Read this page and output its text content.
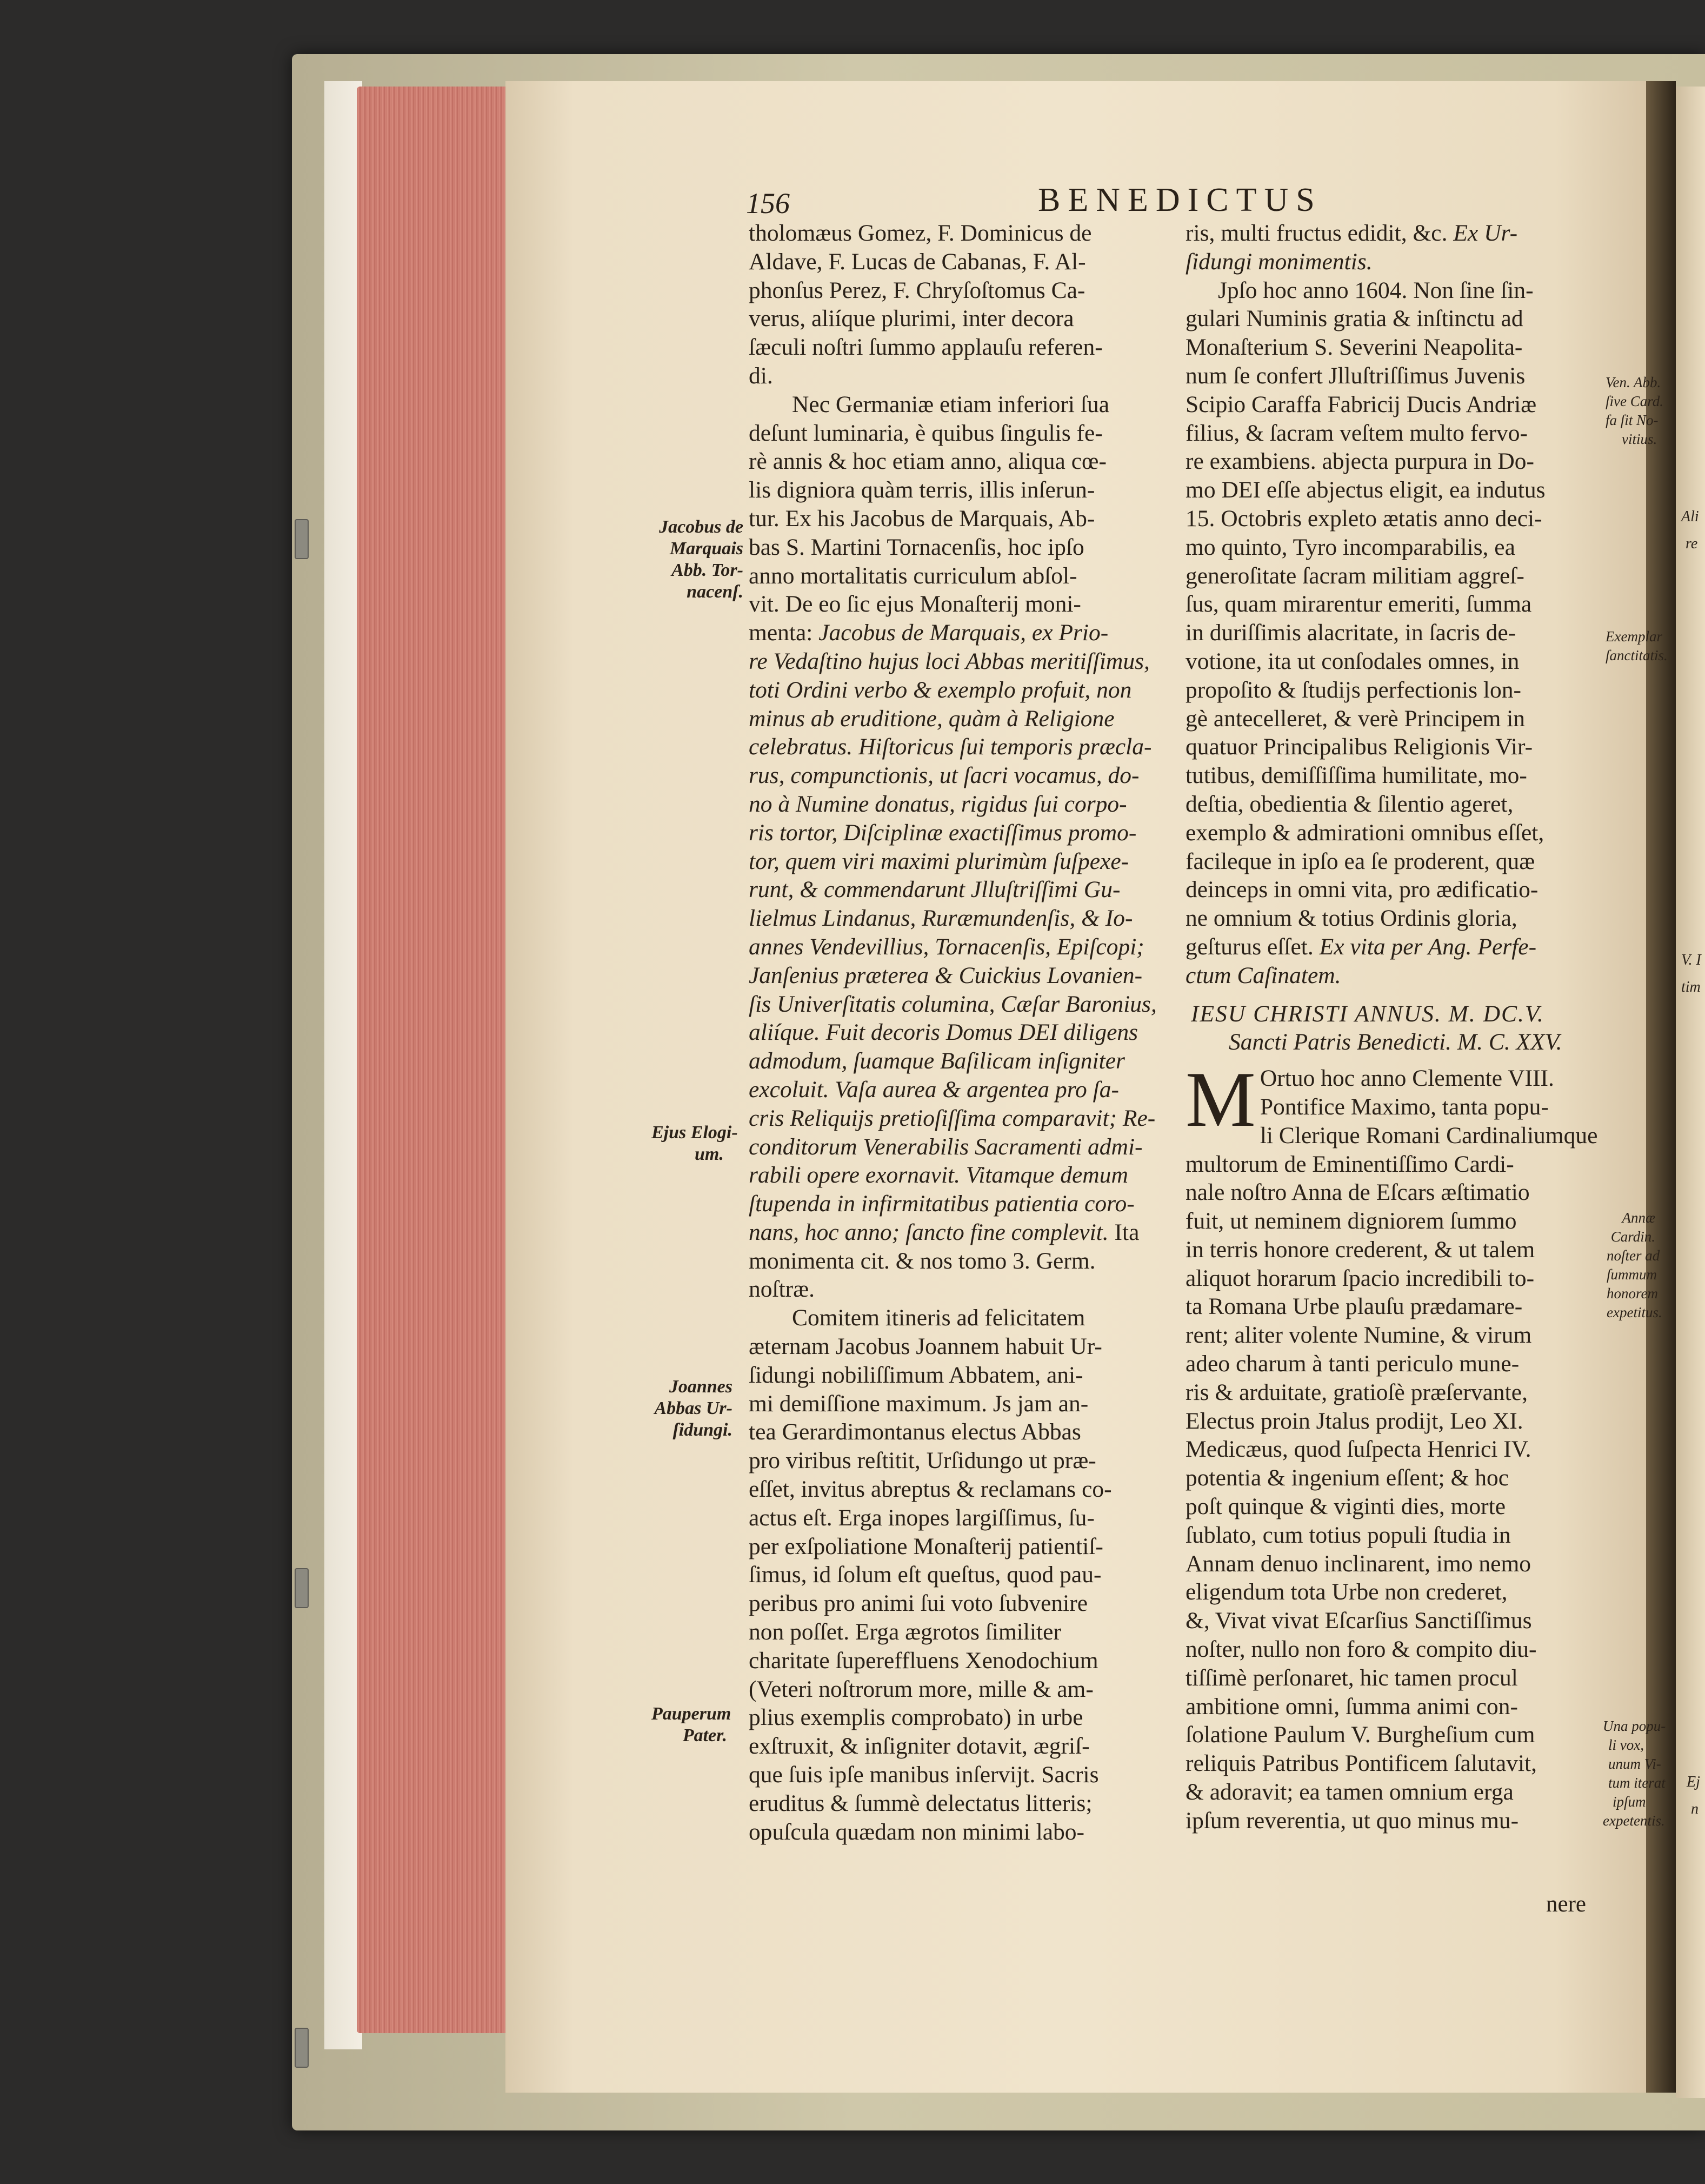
Ali
re
V. I
tim
Ej
n
156	BENEDICTUS
tholomæus Gomez, F. Dominicus de
Aldave, F. Lucas de Cabanas, F. Al-
phonſus Perez, F. Chryſoſtomus Ca-
verus, aliíque plurimi, inter decora
ſæculi noſtri ſummo applauſu referen-
di.
Nec Germaniæ etiam inferiori ſua
deſunt luminaria, è quibus ſingulis fe-
rè annis & hoc etiam anno, aliqua cœ-
lis digniora quàm terris, illis inſerun-
tur. Ex his Jacobus de Marquais, Ab-
bas S. Martini Tornacenſis, hoc ipſo
anno mortalitatis curriculum abſol-
vit. De eo ſic ejus Monaſterij moni-
menta: Jacobus de Marquais, ex Prio-
re Vedaſtino hujus loci Abbas meritiſſimus,
toti Ordini verbo & exemplo profuit, non
minus ab eruditione, quàm à Religione
celebratus. Hiſtoricus ſui temporis præcla-
rus, compunctionis, ut ſacri vocamus, do-
no à Numine donatus, rigidus ſui corpo-
ris tortor, Diſciplinæ exactiſſimus promo-
tor, quem viri maximi plurimùm ſuſpexe-
runt, & commendarunt Jlluſtriſſimi Gu-
lielmus Lindanus, Ruræmundenſis, & Io-
annes Vendevillius, Tornacenſis, Epiſcopi;
Janſenius præterea & Cuickius Lovanien-
ſis Univerſitatis columina, Cæſar Baronius,
aliíque. Fuit decoris Domus DEI diligens
admodum, ſuamque Baſilicam inſigniter
excoluit. Vaſa aurea & argentea pro ſa-
cris Reliquijs pretioſiſſima comparavit; Re-
conditorum Venerabilis Sacramenti admi-
rabili opere exornavit. Vitamque demum
ſtupenda in infirmitatibus patientia coro-
nans, hoc anno; ſancto fine complevit. Ita
monimenta cit. & nos tomo 3. Germ.
noſtræ.
Comitem itineris ad felicitatem
æternam Jacobus Joannem habuit Ur-
ſidungi nobiliſſimum Abbatem, ani-
mi demiſſione maximum. Js jam an-
tea Gerardimontanus electus Abbas
pro viribus reſtitit, Urſidungo ut præ-
eſſet, invitus abreptus & reclamans co-
actus eſt. Erga inopes largiſſimus, ſu-
per exſpoliatione Monaſterij patientiſ-
ſimus, id ſolum eſt queſtus, quod pau-
peribus pro animi ſui voto ſubvenire
non poſſet. Erga ægrotos ſimiliter
charitate ſupereffluens Xenodochium
(Veteri noſtrorum more, mille & am-
plius exemplis comprobato) in urbe
exſtruxit, & inſigniter dotavit, ægriſ-
que ſuis ipſe manibus inſervijt. Sacris
eruditus & ſummè delectatus litteris;
opuſcula quædam non minimi labo-
ris, multi fructus edidit, &c. Ex Ur-
ſidungi monimentis.
Jpſo hoc anno 1604. Non ſine ſin-
gulari Numinis gratia & inſtinctu ad
Monaſterium S. Severini Neapolita-
num ſe confert Jlluſtriſſimus Juvenis
Scipio Caraffa Fabricij Ducis Andriæ
filius, & ſacram veſtem multo fervo-
re exambiens. abjecta purpura in Do-
mo DEI eſſe abjectus eligit, ea indutus
15. Octobris expleto ætatis anno deci-
mo quinto, Tyro incomparabilis, ea
generoſitate ſacram militiam aggreſ-
ſus, quam mirarentur emeriti, ſumma
in duriſſimis alacritate, in ſacris de-
votione, ita ut conſodales omnes, in
propoſito & ſtudijs perfectionis lon-
gè antecelleret, & verè Principem in
quatuor Principalibus Religionis Vir-
tutibus, demiſſiſſima humilitate, mo-
deſtia, obedientia & ſilentio ageret,
exemplo & admirationi omnibus eſſet,
facileque in ipſo ea ſe proderent, quæ
deinceps in omni vita, pro ædificatio-
ne omnium & totius Ordinis gloria,
geſturus eſſet. Ex vita per Ang. Perfe-
ctum Caſinatem.
IESU CHRISTI ANNUS. M. DC.V.
Sancti Patris Benedicti. M. C. XXV.
M Ortuo hoc anno Clemente VIII.
Pontifice Maximo, tanta popu-
li Clerique Romani Cardinaliumque
multorum de Eminentiſſimo Cardi-
nale noſtro Anna de Eſcars æſtimatio
fuit, ut neminem digniorem ſummo
in terris honore crederent, & ut talem
aliquot horarum ſpacio incredibili to-
ta Romana Urbe plauſu prædamare-
rent; aliter volente Numine, & virum
adeo charum à tanti periculo mune-
ris & arduitate, gratioſè præſervante,
Electus proin Jtalus prodijt, Leo XI.
Medicæus, quod ſuſpecta Henrici IV.
potentia & ingenium eſſent; & hoc
poſt quinque & viginti dies, morte
ſublato, cum totius populi ſtudia in
Annam denuo inclinarent, imo nemo
eligendum tota Urbe non crederet,
&, Vivat vivat Eſcarſius Sanctiſſimus
noſter, nullo non foro & compito diu-
tiſſimè perſonaret, hic tamen procul
ambitione omni, ſumma animi con-
ſolatione Paulum V. Burgheſium cum
reliquis Patribus Pontificem ſalutavit,
& adoravit; ea tamen omnium erga
ipſum reverentia, ut quo minus mu-
nere
Jacobus de
Marquais
Abb. Tor-
nacenſ.
Ejus Elogi-
um.
Joannes
Abbas Ur-
ſidungi.
Pauperum
Pater.
Ven. Abb.
ſive Card.
fa ſit No-
vitius.
Exemplar
ſanctitatis.
Annæ
Cardin.
noſter ad
ſummum
honorem
expetitus.
Una popu-
li vox,
unum Vi-
tum iterat
ipſum
expetentis.
